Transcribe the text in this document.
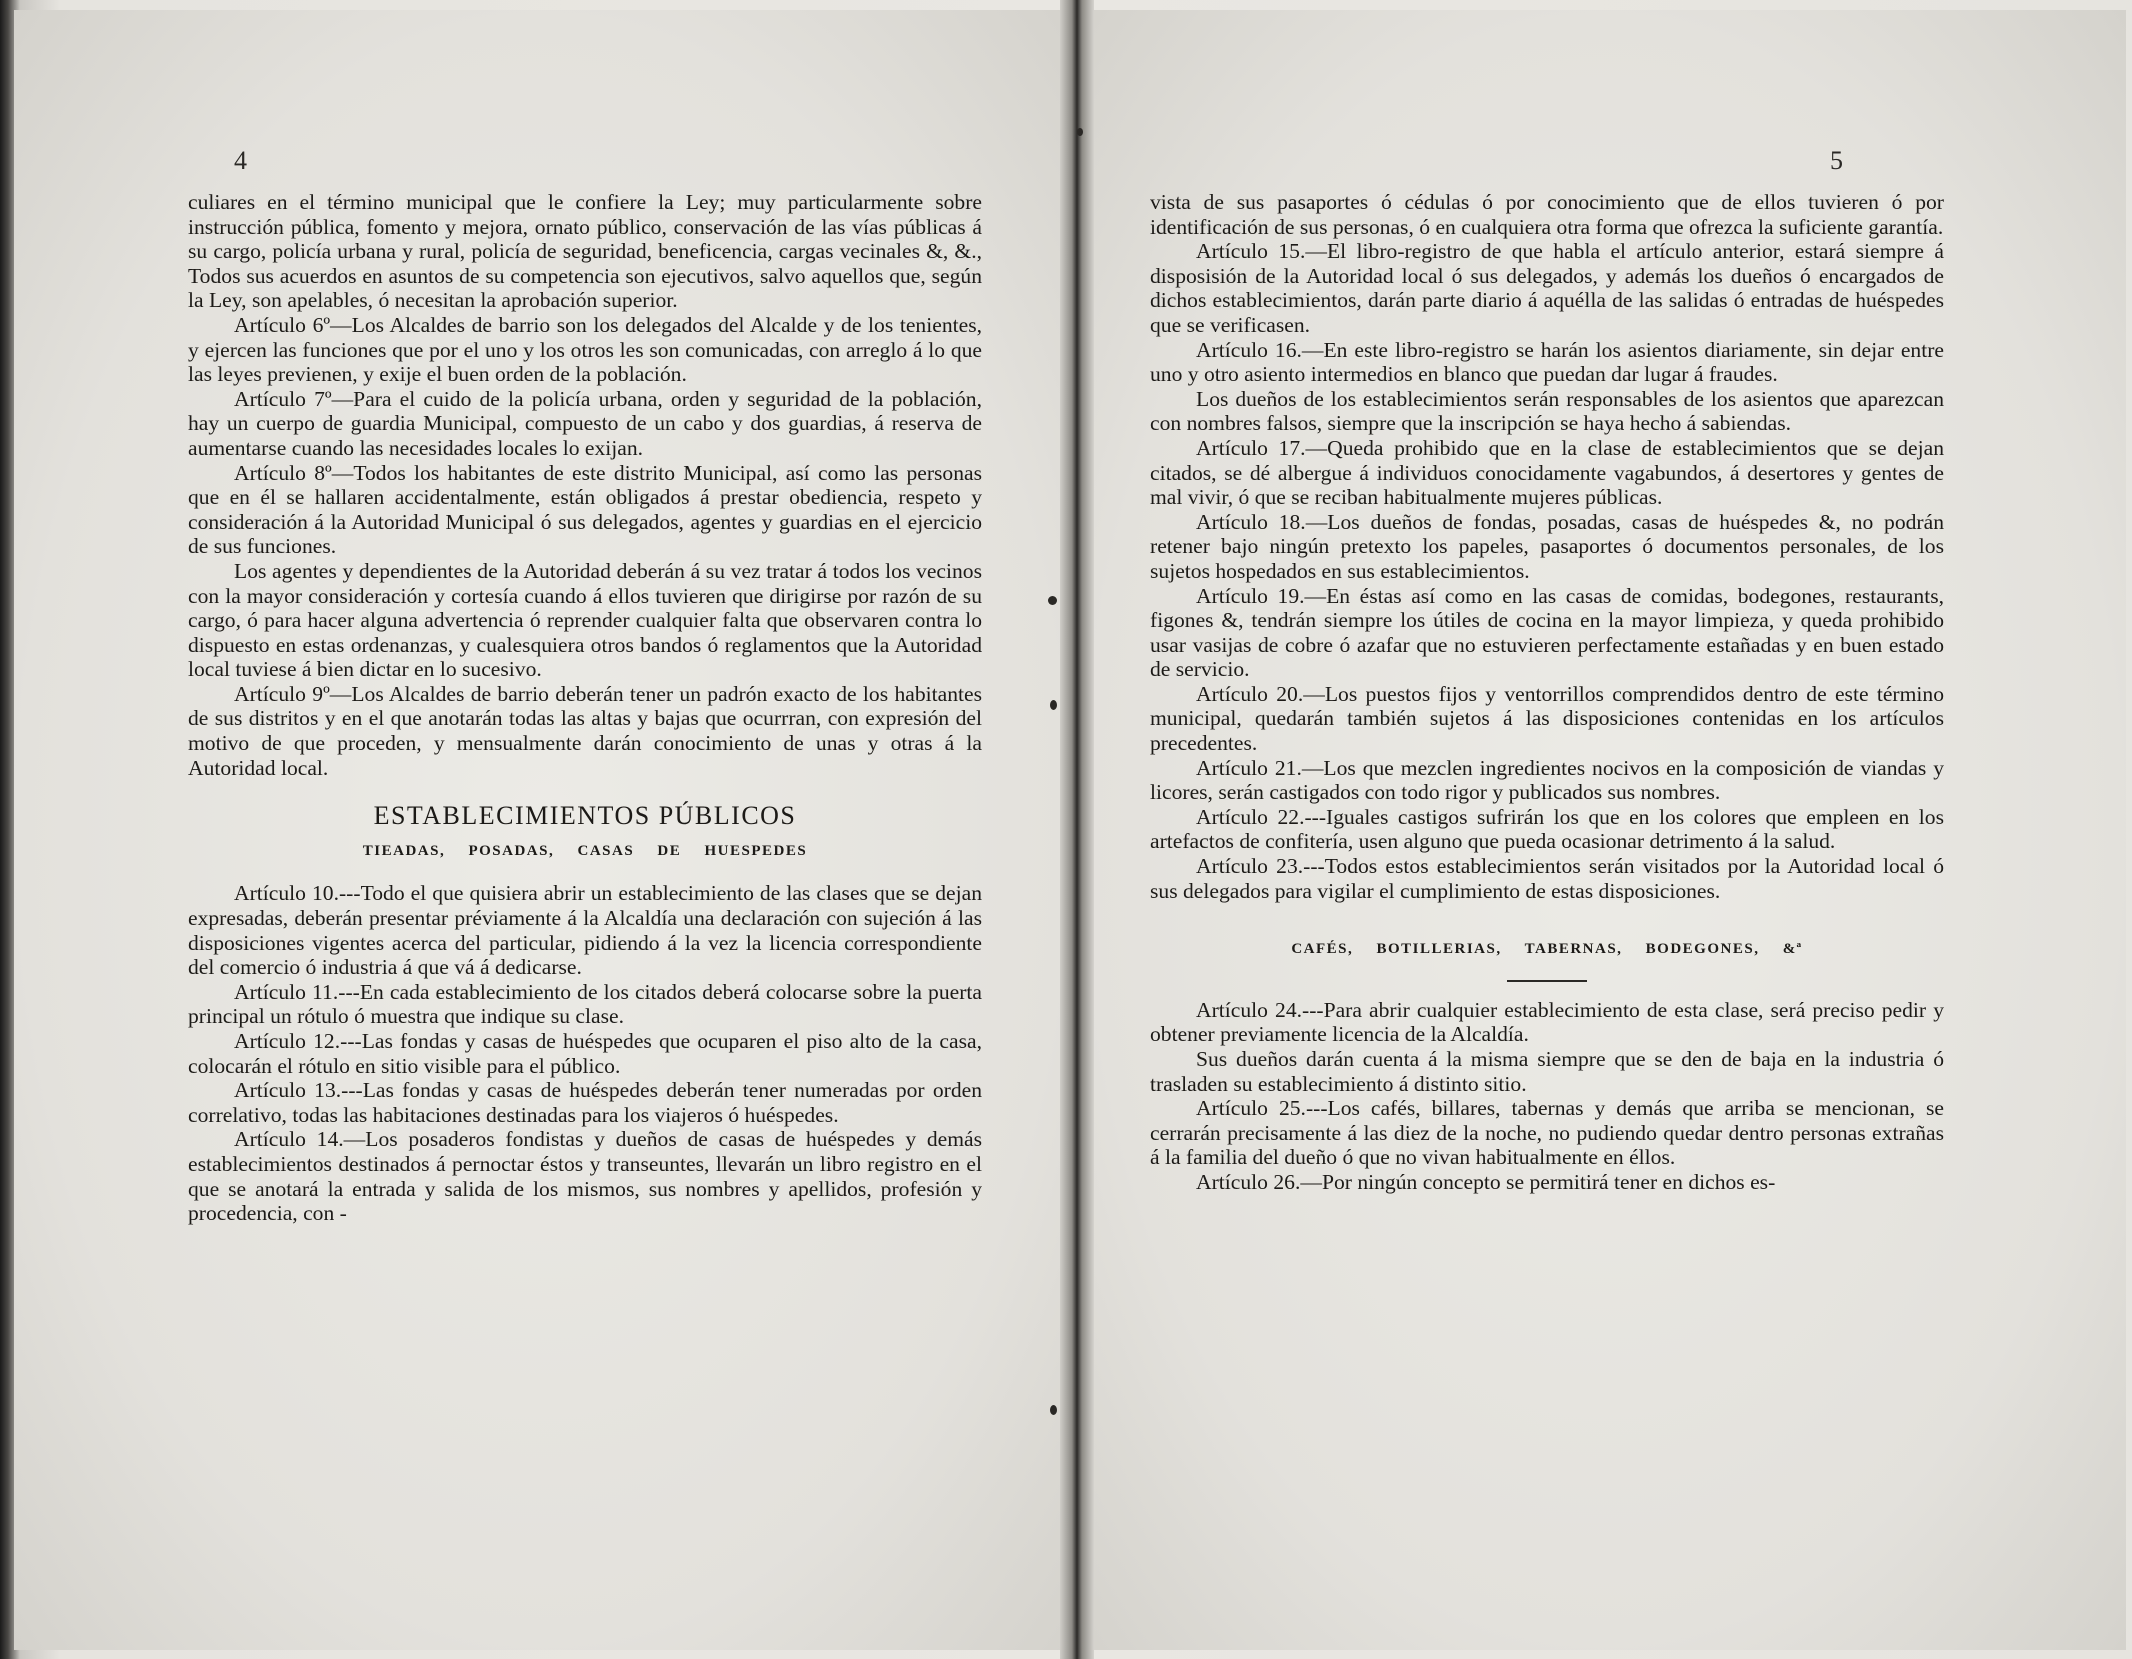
4

culiares en el término municipal que le confiere la Ley; muy particularmente sobre instrucción pública, fomento y mejora, ornato público, conservación de las vías públicas á su cargo, policía urbana y rural, policía de seguridad, beneficencia, cargas vecinales &, &., Todos sus acuerdos en asuntos de su competencia son ejecutivos, salvo aquellos que, según la Ley, son apelables, ó necesitan la aprobación superior.

Artículo 6º—Los Alcaldes de barrio son los delegados del Alcalde y de los tenientes, y ejercen las funciones que por el uno y los otros les son comunicadas, con arreglo á lo que las leyes previenen, y exije el buen orden de la población.

Artículo 7º—Para el cuido de la policía urbana, orden y seguridad de la población, hay un cuerpo de guardia Municipal, compuesto de un cabo y dos guardias, á reserva de aumentarse cuando las necesidades locales lo exijan.

Artículo 8º—Todos los habitantes de este distrito Municipal, así como las personas que en él se hallaren accidentalmente, están obligados á prestar obediencia, respeto y consideración á la Autoridad Municipal ó sus delegados, agentes y guardias en el ejercicio de sus funciones.

Los agentes y dependientes de la Autoridad deberán á su vez tratar á todos los vecinos con la mayor consideración y cortesía cuando á ellos tuvieren que dirigirse por razón de su cargo, ó para hacer alguna advertencia ó reprender cualquier falta que observaren contra lo dispuesto en estas ordenanzas, y cualesquiera otros bandos ó reglamentos que la Autoridad local tuviese á bien dictar en lo sucesivo.

Artículo 9º—Los Alcaldes de barrio deberán tener un padrón exacto de los habitantes de sus distritos y en el que anotarán todas las altas y bajas que ocurrran, con expresión del motivo de que proceden, y mensualmente darán conocimiento de unas y otras á la Autoridad local.

ESTABLECIMIENTOS PÚBLICOS
TIEADAS, POSADAS, CASAS DE HUESPEDES

Artículo 10.---Todo el que quisiera abrir un establecimiento de las clases que se dejan expresadas, deberán presentar préviamente á la Alcaldía una declaración con sujeción á las disposiciones vigentes acerca del particular, pidiendo á la vez la licencia correspondiente del comercio ó industria á que vá á dedicarse.

Artículo 11.---En cada establecimiento de los citados deberá colocarse sobre la puerta principal un rótulo ó muestra que indique su clase.

Artículo 12.---Las fondas y casas de huéspedes que ocuparen el piso alto de la casa, colocarán el rótulo en sitio visible para el público.

Artículo 13.---Las fondas y casas de huéspedes deberán tener numeradas por orden correlativo, todas las habitaciones destinadas para los viajeros ó huéspedes.

Artículo 14.—Los posaderos fondistas y dueños de casas de huéspedes y demás establecimientos destinados á pernoctar éstos y transeuntes, llevarán un libro registro en el que se anotará la entrada y salida de los mismos, sus nombres y apellidos, profesión y procedencia, con -

5

vista de sus pasaportes ó cédulas ó por conocimiento que de ellos tuvieren ó por identificación de sus personas, ó en cualquiera otra forma que ofrezca la suficiente garantía.

Artículo 15.—El libro-registro de que habla el artículo anterior, estará siempre á disposisión de la Autoridad local ó sus delegados, y además los dueños ó encargados de dichos establecimientos, darán parte diario á aquélla de las salidas ó entradas de huéspedes que se verificasen.

Artículo 16.—En este libro-registro se harán los asientos diariamente, sin dejar entre uno y otro asiento intermedios en blanco que puedan dar lugar á fraudes.

Los dueños de los establecimientos serán responsables de los asientos que aparezcan con nombres falsos, siempre que la inscripción se haya hecho á sabiendas.

Artículo 17.—Queda prohibido que en la clase de establecimientos que se dejan citados, se dé albergue á individuos conocidamente vagabundos, á desertores y gentes de mal vivir, ó que se reciban habitualmente mujeres públicas.

Artículo 18.—Los dueños de fondas, posadas, casas de huéspedes &, no podrán retener bajo ningún pretexto los papeles, pasaportes ó documentos personales, de los sujetos hospedados en sus establecimientos.

Artículo 19.—En éstas así como en las casas de comidas, bodegones, restaurants, figones &, tendrán siempre los útiles de cocina en la mayor limpieza, y queda prohibido usar vasijas de cobre ó azafar que no estuvieren perfectamente estañadas y en buen estado de servicio.

Artículo 20.—Los puestos fijos y ventorrillos comprendidos dentro de este término municipal, quedarán también sujetos á las disposiciones contenidas en los artículos precedentes.

Artículo 21.—Los que mezclen ingredientes nocivos en la composición de viandas y licores, serán castigados con todo rigor y publicados sus nombres.

Artículo 22.---Iguales castigos sufrirán los que en los colores que empleen en los artefactos de confitería, usen alguno que pueda ocasionar detrimento á la salud.

Artículo 23.---Todos estos establecimientos serán visitados por la Autoridad local ó sus delegados para vigilar el cumplimiento de estas disposiciones.

CAFÉS, BOTILLERIAS, TABERNAS, BODEGONES, &ª

Artículo 24.---Para abrir cualquier establecimiento de esta clase, será preciso pedir y obtener previamente licencia de la Alcaldía.

Sus dueños darán cuenta á la misma siempre que se den de baja en la industria ó trasladen su establecimiento á distinto sitio.

Artículo 25.---Los cafés, billares, tabernas y demás que arriba se mencionan, se cerrarán precisamente á las diez de la noche, no pudiendo quedar dentro personas extrañas á la familia del dueño ó que no vivan habitualmente en éllos.

Artículo 26.—Por ningún concepto se permitirá tener en dichos es-
